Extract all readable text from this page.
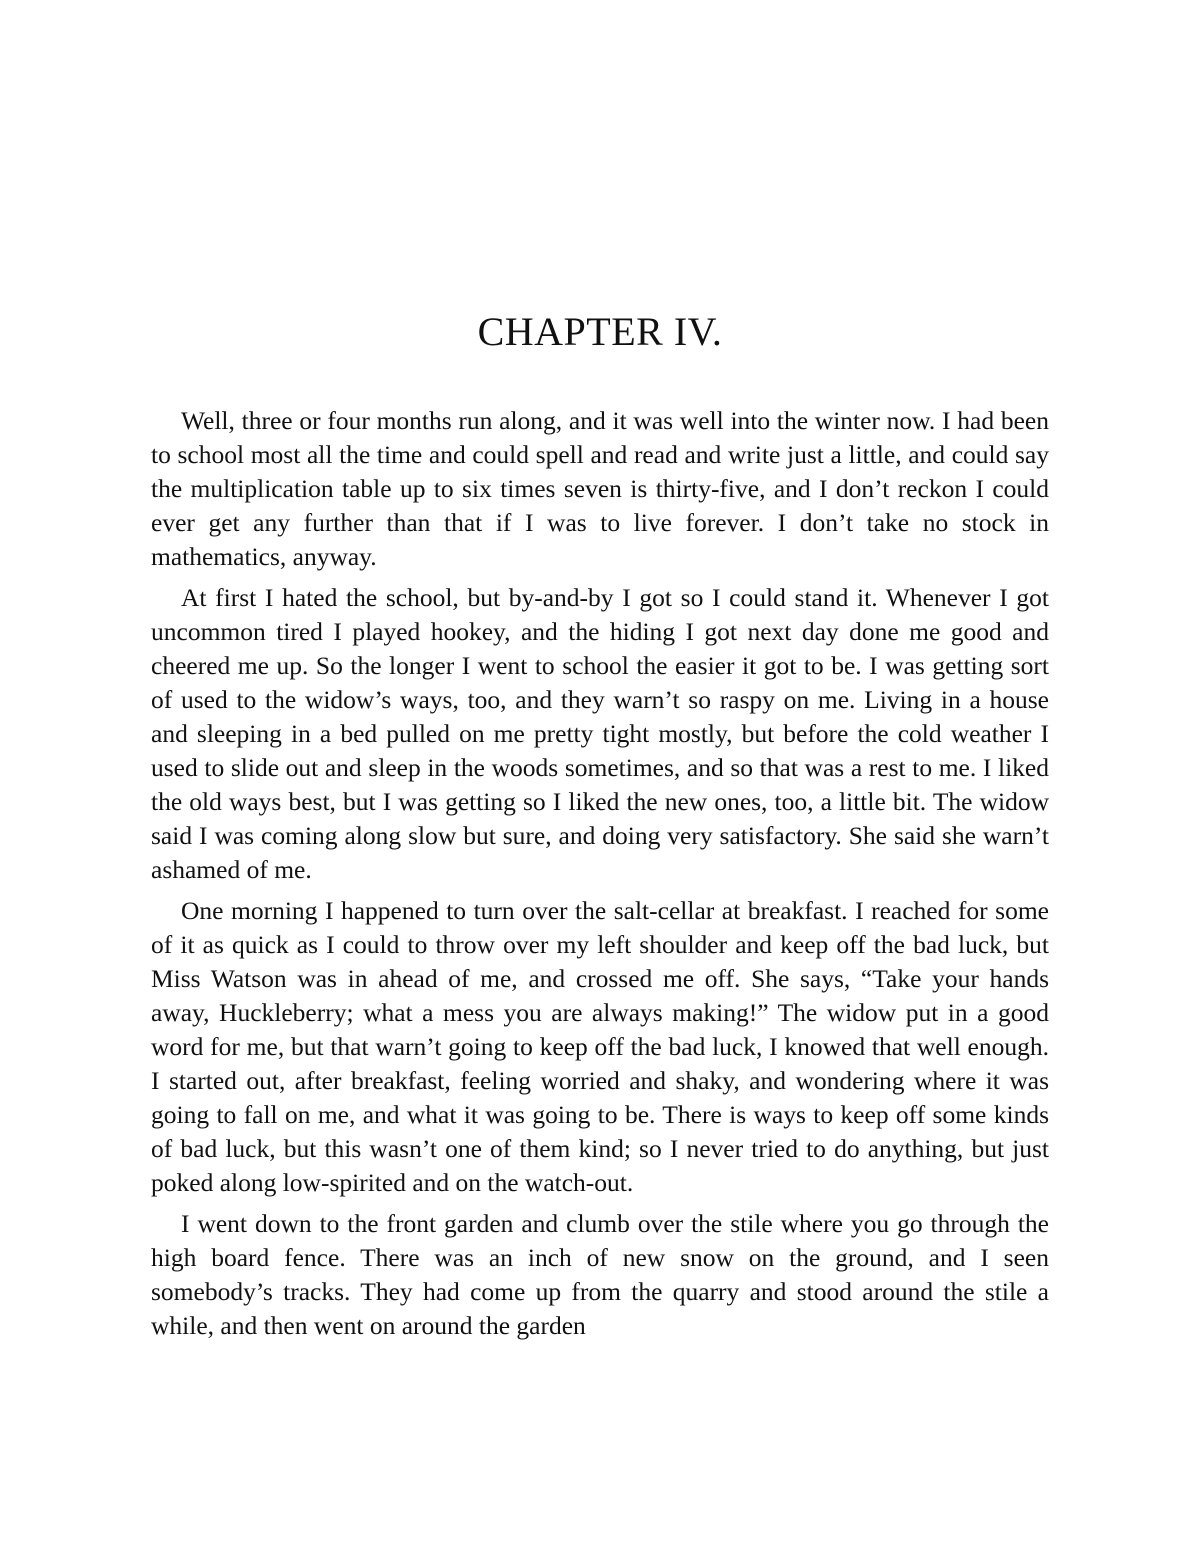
CHAPTER IV.

Well, three or four months run along, and it was well into the winter now. I had been to school most all the time and could spell and read and write just a little, and could say the multiplication table up to six times seven is thirty-five, and I don’t reckon I could ever get any further than that if I was to live forever. I don’t take no stock in mathematics, anyway.

At first I hated the school, but by-and-by I got so I could stand it. Whenever I got uncommon tired I played hookey, and the hiding I got next day done me good and cheered me up. So the longer I went to school the easier it got to be. I was getting sort of used to the widow’s ways, too, and they warn’t so raspy on me. Living in a house and sleeping in a bed pulled on me pretty tight mostly, but before the cold weather I used to slide out and sleep in the woods sometimes, and so that was a rest to me. I liked the old ways best, but I was getting so I liked the new ones, too, a little bit. The widow said I was coming along slow but sure, and doing very satisfactory. She said she warn’t ashamed of me.

One morning I happened to turn over the salt-cellar at breakfast. I reached for some of it as quick as I could to throw over my left shoulder and keep off the bad luck, but Miss Watson was in ahead of me, and crossed me off. She says, “Take your hands away, Huckleberry; what a mess you are always making!” The widow put in a good word for me, but that warn’t going to keep off the bad luck, I knowed that well enough. I started out, after breakfast, feeling worried and shaky, and wondering where it was going to fall on me, and what it was going to be. There is ways to keep off some kinds of bad luck, but this wasn’t one of them kind; so I never tried to do anything, but just poked along low-spirited and on the watch-out.

I went down to the front garden and clumb over the stile where you go through the high board fence. There was an inch of new snow on the ground, and I seen somebody’s tracks. They had come up from the quarry and stood around the stile a while, and then went on around the garden
